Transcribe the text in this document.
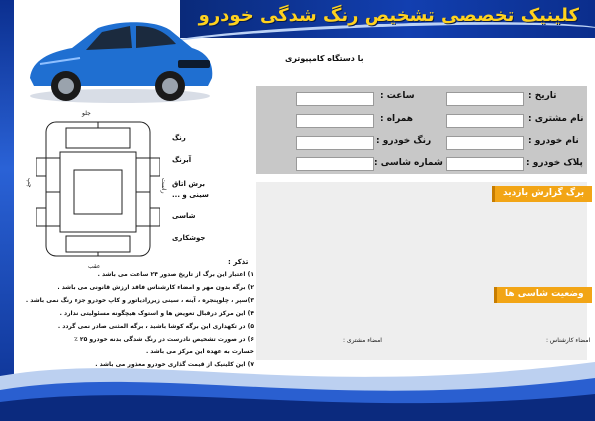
کلینیک تخصصی تشخیص رنگ شدگی خودرو
با دستگاه کامپیوتری
تاریخ :
ساعت :
نام مشتری :
همراه :
نام خودرو :
رنگ خودرو :
پلاک خودرو :
شماره شاسی :
برگ گزارش بازدید
وضعیت شاسی ها
امضاء کارشناس :
امضاء مشتری :
جلو
عقب
چپ	راست
رنگ
آبرنگ
برش اتاق
سینی و ...
شاسی
جوشکاری
تذکر :
۱) اعتبار این برگ از تاریخ صدور ۲۴ ساعت می باشد .
۲) برگه بدون مهر و امضاء کارشناس فاقد ارزش قانونی می باشد .
۳)سپر ، چلوپنجره ، آینه ، سینی زیررادیاتور و کاپ خودرو جزء رنگ نمی باشد .
۴) این مرکز درقبال تعویض ها و استوک هیچگونه مسئولیتی ندارد .
۵) در تکهداری این برگه کوشا باشید ، برگه المثنی صادر نمی گردد .
۶) در صورت تشخیص نادرست در رنگ شدگی بدنه خودرو ۲۵ ٪
خسارت به عهده این مرکز می باشد .
۷) این کلینیک از قیمت گذاری خودرو معذور می باشد .
